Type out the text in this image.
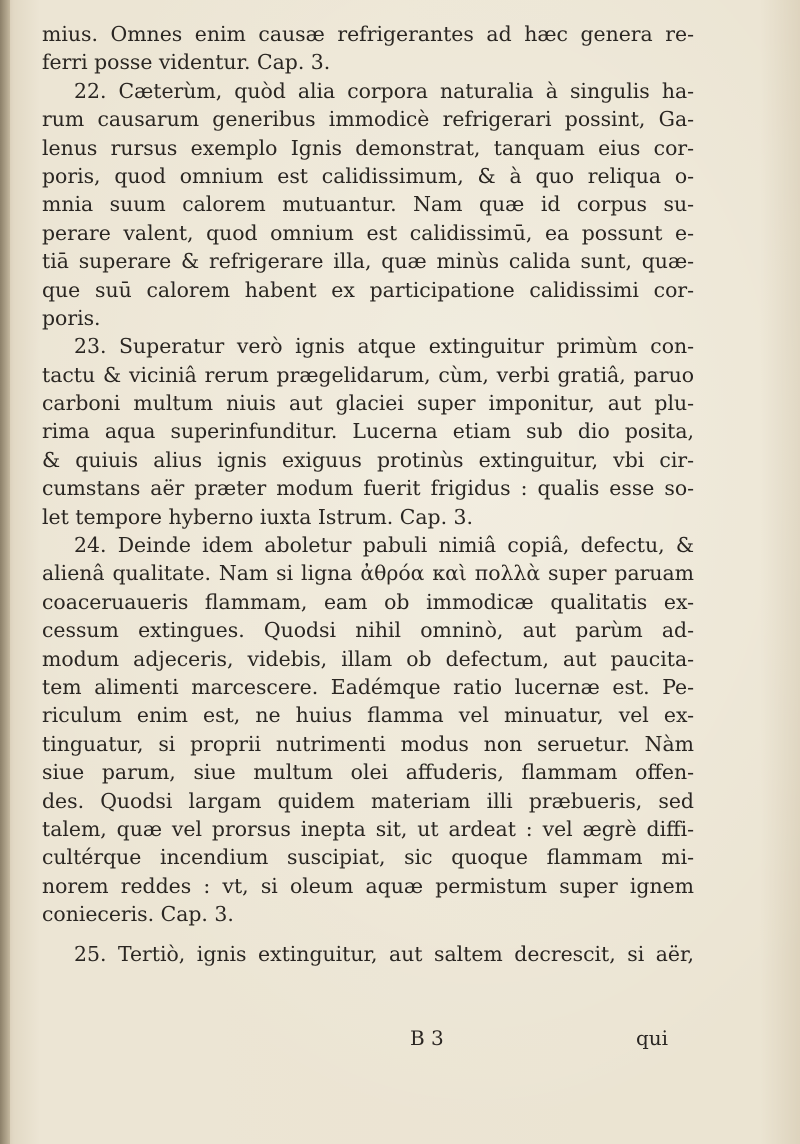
mius. Omnes enim causæ refrigerantes ad hæc genera re-
ferri posse videntur. Cap. 3.
22. Cæterùm, quòd alia corpora naturalia à singulis ha-
rum causarum generibus immodicè refrigerari possint, Ga-
lenus rursus exemplo Ignis demonstrat, tanquam eius cor-
poris, quod omnium est calidissimum, & à quo reliqua o-
mnia suum calorem mutuantur. Nam quæ id corpus su-
perare valent, quod omnium est calidissimū, ea possunt e-
tiā superare & refrigerare illa, quæ minùs calida sunt, quæ-
que suū calorem habent ex participatione calidissimi cor-
poris.
23. Superatur verò ignis atque extinguitur primùm con-
tactu & viciniâ rerum prægelidarum, cùm, verbi gratiâ, paruo
carboni multum niuis aut glaciei super imponitur, aut plu-
rima aqua superinfunditur. Lucerna etiam sub dio posita,
& quiuis alius ignis exiguus protinùs extinguitur, vbi cir-
cumstans aër præter modum fuerit frigidus : qualis esse so-
let tempore hyberno iuxta Istrum. Cap. 3.
24. Deinde idem aboletur pabuli nimiâ copiâ, defectu, &
alienâ qualitate. Nam si ligna ἀθρόα καὶ πολλὰ super paruam
coaceruaueris flammam, eam ob immodicæ qualitatis ex-
cessum extingues. Quodsi nihil omninò, aut parùm ad-
modum adjeceris, videbis, illam ob defectum, aut paucita-
tem alimenti marcescere. Eadémque ratio lucernæ est. Pe-
riculum enim est, ne huius flamma vel minuatur, vel ex-
tinguatur, si proprii nutrimenti modus non seruetur. Nàm
siue parum, siue multum olei affuderis, flammam offen-
des. Quodsi largam quidem materiam illi præbueris, sed
talem, quæ vel prorsus inepta sit, ut ardeat : vel ægrè diffi-
cultérque incendium suscipiat, sic quoque flammam mi-
norem reddes : vt, si oleum aquæ permistum super ignem
conieceris. Cap. 3.
25. Tertiò, ignis extinguitur, aut saltem decrescit, si aër,
B 3	qui
